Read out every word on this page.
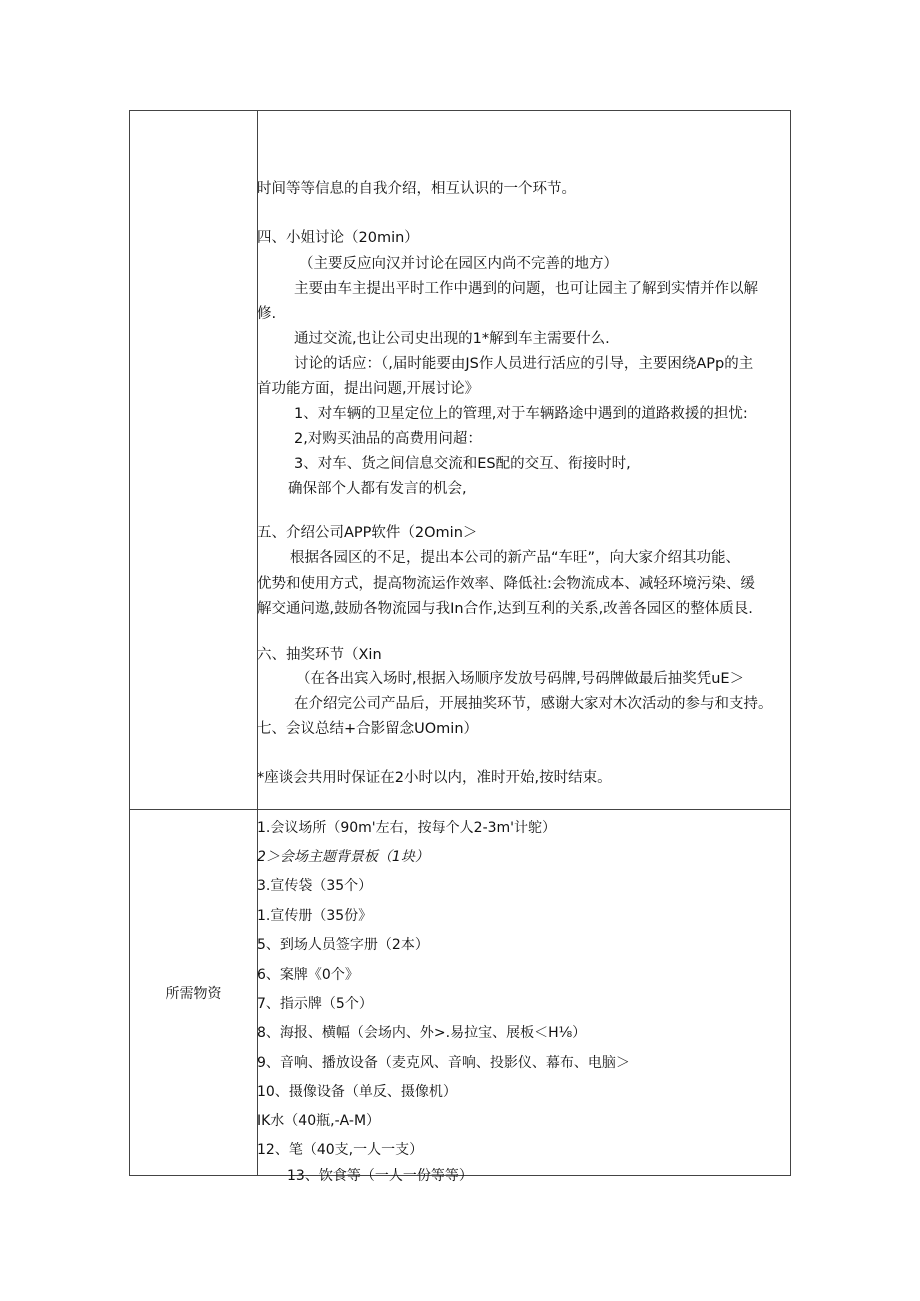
所需物资
时间等等信息的自我介绍，相互认识的一个环节。
四、小姐讨论（20min）
（主要反应向汉并讨论在园区内尚不完善的地方）
主要由车主提出平时工作中遇到的问题，也可让园主了解到实情并作以解
修.
通过交流,也让公司史出现的1*解到车主需要什么.
讨论的话应：（,届时能要由JS作人员进行活应的引导，主要困绕APp的主
首功能方面，提出问题,开展讨论》
1、对车辆的卫星定位上的管理,对于车辆路途中遇到的道路救援的担忧:
2,对购买油品的高费用问超：
3、对车、货之间信息交流和ES配的交互、衔接时时,
确保部个人都有发言的机会,
五、介绍公司APP软件（2Omin＞
根据各园区的不足，提出本公司的新产品“车旺”，向大家介绍其功能、
优势和使用方式，提高物流运作效率、降低社:会物流成本、减轻环境污染、缓
解交通问遨,鼓励各物流园与我In合作,达到互利的关系,改善各园区的整体质艮.
六、抽奖环节（Xin
（在各出宾入场时,根据入场顺序发放号码牌,号码牌做最后抽奖凭uE＞
在介绍完公司产品后，开展抽奖环节，感谢大家对木次活动的参与和支持。
七、会议总结+合影留念UOmin）
*座谈会共用时保证在2小时以内，准时开始,按时结束。
1.会议场所（90m'左右，按每个人2-3m'计鸵）
2＞会场主题背景板（1块）
3.宣传袋（35个）
1.宣传册（35份》
5、到场人员签字册（2本）
6、案牌《0个》
7、指示牌（5个）
8、海报、横幅（会场内、外>.易拉宝、展板＜H⅛）
9、音响、播放设备（麦克风、音响、投影仪、幕布、电脑＞
10、摄像设备（单反、摄像机）
IK水（40瓶,-A-M）
12、笔（40支,一人一支）
13、饮食等（一人一份等等）
